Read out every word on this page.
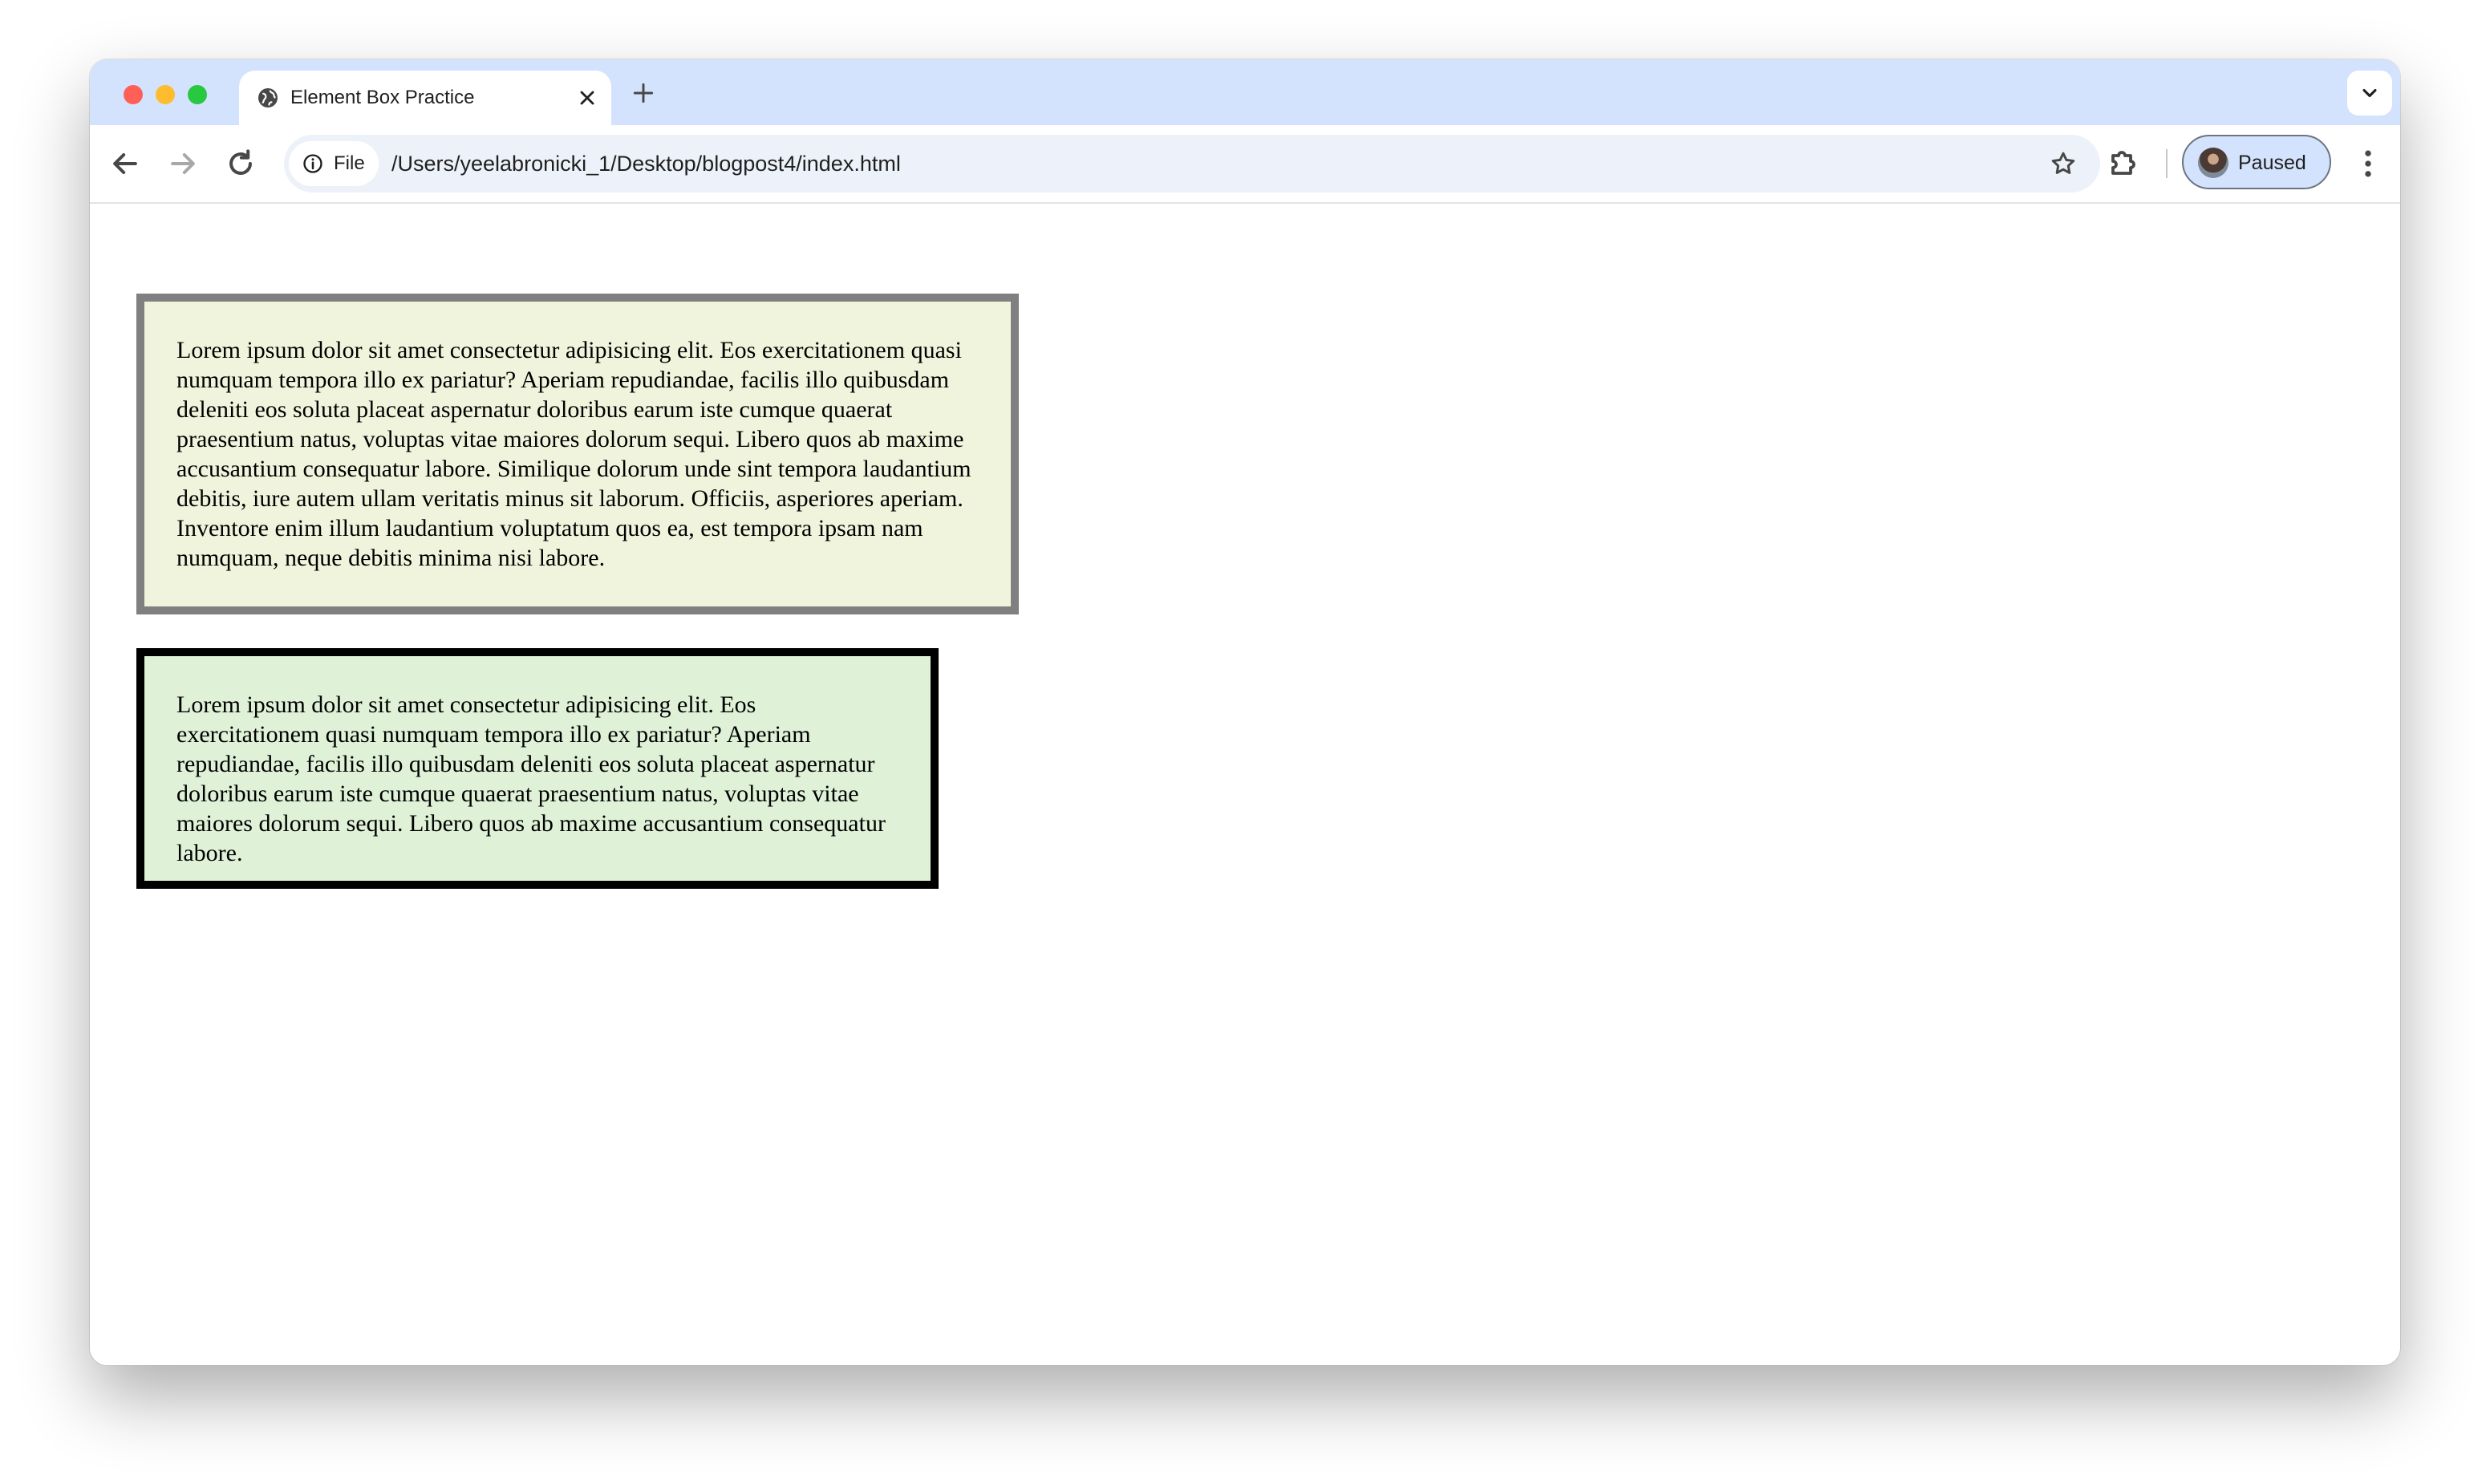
Element Box Practice
File /Users/yeelabronicki_1/Desktop/blogpost4/index.html	Paused
Lorem ipsum dolor sit amet consectetur adipisicing elit. Eos exercitationem quasi numquam tempora illo ex pariatur? Aperiam repudiandae, facilis illo quibusdam deleniti eos soluta placeat aspernatur doloribus earum iste cumque quaerat praesentium natus, voluptas vitae maiores dolorum sequi. Libero quos ab maxime accusantium consequatur labore. Similique dolorum unde sint tempora laudantium debitis, iure autem ullam veritatis minus sit laborum. Officiis, asperiores aperiam. Inventore enim illum laudantium voluptatum quos ea, est tempora ipsam nam numquam, neque debitis minima nisi labore.
Lorem ipsum dolor sit amet consectetur adipisicing elit. Eos exercitationem quasi numquam tempora illo ex pariatur? Aperiam repudiandae, facilis illo quibusdam deleniti eos soluta placeat aspernatur doloribus earum iste cumque quaerat praesentium natus, voluptas vitae maiores dolorum sequi. Libero quos ab maxime accusantium consequatur labore.
